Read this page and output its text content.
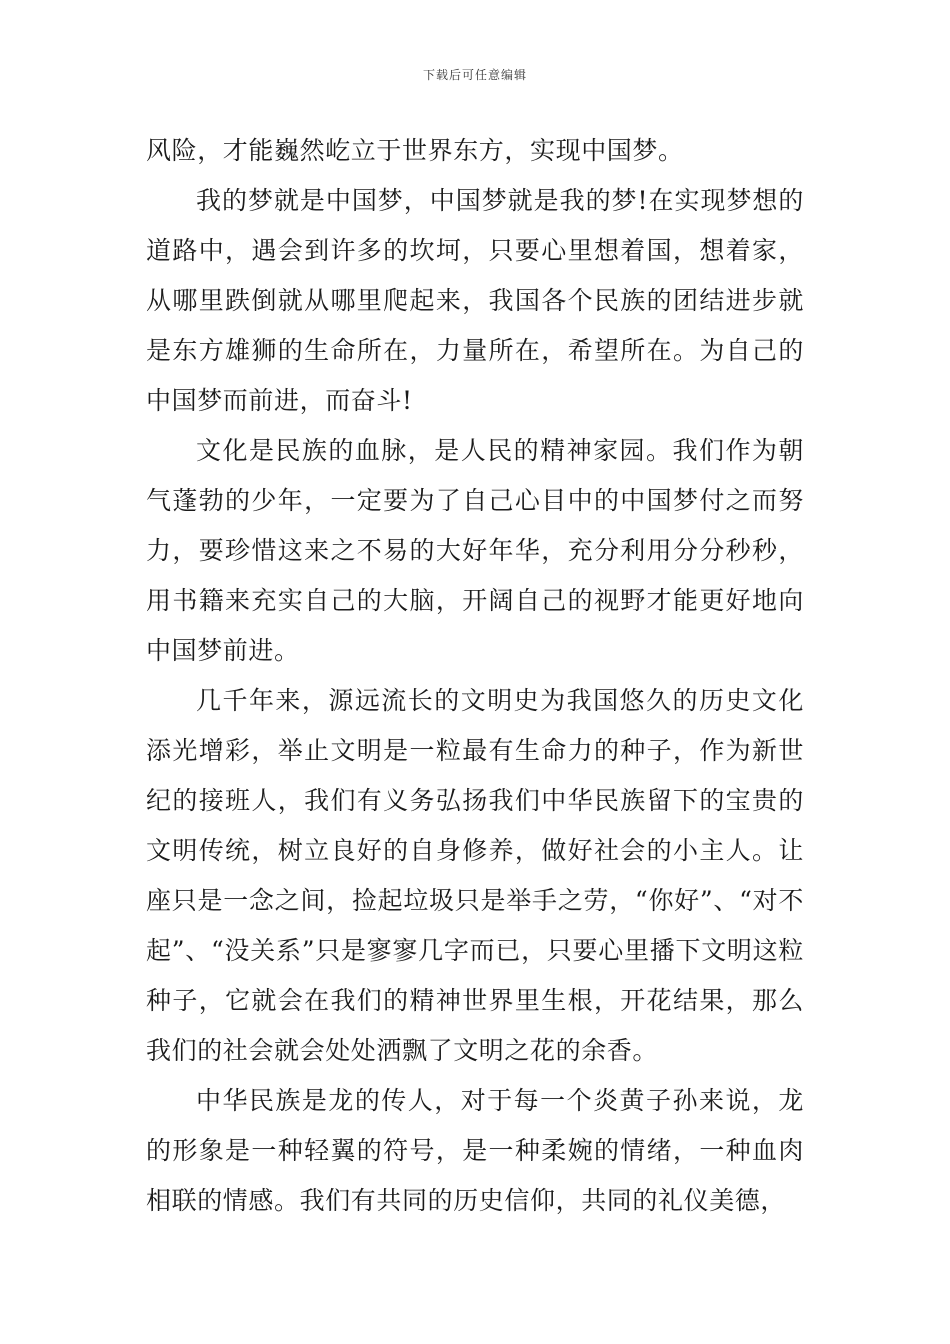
下载后可任意编辑

风险，才能巍然屹立于世界东方，实现中国梦。

我的梦就是中国梦，中国梦就是我的梦!在实现梦想的道路中，遇会到许多的坎坷，只要心里想着国，想着家，从哪里跌倒就从哪里爬起来，我国各个民族的团结进步就是东方雄狮的生命所在，力量所在，希望所在。为自己的中国梦而前进，而奋斗!

文化是民族的血脉，是人民的精神家园。我们作为朝气蓬勃的少年，一定要为了自己心目中的中国梦付之而努力，要珍惜这来之不易的大好年华，充分利用分分秒秒，用书籍来充实自己的大脑，开阔自己的视野才能更好地向中国梦前进。

几千年来，源远流长的文明史为我国悠久的历史文化添光增彩，举止文明是一粒最有生命力的种子，作为新世纪的接班人，我们有义务弘扬我们中华民族留下的宝贵的文明传统，树立良好的自身修养，做好社会的小主人。让座只是一念之间，捡起垃圾只是举手之劳，“你好”、“对不起”、“没关系”只是寥寥几字而已，只要心里播下文明这粒种子，它就会在我们的精神世界里生根，开花结果，那么我们的社会就会处处洒飘了文明之花的余香。

中华民族是龙的传人，对于每一个炎黄子孙来说，龙的形象是一种轻翼的符号，是一种柔婉的情绪，一种血肉相联的情感。我们有共同的历史信仰，共同的礼仪美德，
